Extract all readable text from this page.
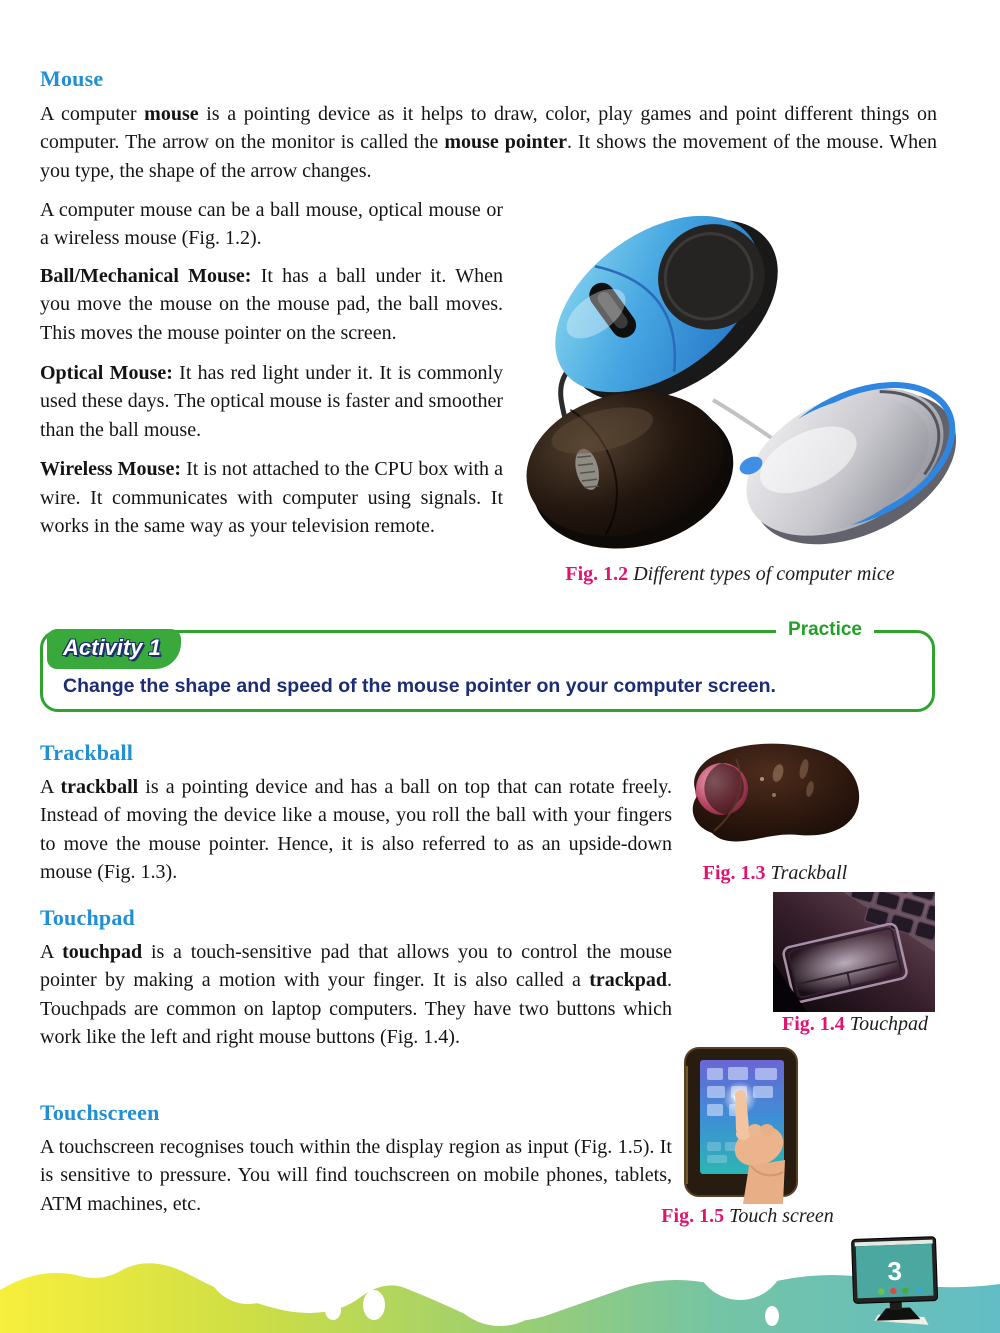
Mouse
A computer mouse is a pointing device as it helps to draw, color, play games and point different things on computer. The arrow on the monitor is called the mouse pointer. It shows the movement of the mouse. When you type, the shape of the arrow changes.
A computer mouse can be a ball mouse, optical mouse or a wireless mouse (Fig. 1.2).
Ball/Mechanical Mouse: It has a ball under it. When you move the mouse on the mouse pad, the ball moves. This moves the mouse pointer on the screen.
Optical Mouse: It has red light under it. It is commonly used these days. The optical mouse is faster and smoother than the ball mouse.
Wireless Mouse: It is not attached to the CPU box with a wire. It communicates with computer using signals. It works in the same way as your television remote.
Fig. 1.2 Different types of computer mice
Activity 1
Practice
Change the shape and speed of the mouse pointer on your computer screen.
Trackball
A trackball is a pointing device and has a ball on top that can rotate freely. Instead of moving the device like a mouse, you roll the ball with your fingers to move the mouse pointer. Hence, it is also referred to as an upside-down mouse (Fig. 1.3).	Fig. 1.3 Trackball
Touchpad
A touchpad is a touch-sensitive pad that allows you to control the mouse pointer by making a motion with your finger. It is also called a trackpad. Touchpads are common on laptop computers. They have two buttons which work like the left and right mouse buttons (Fig. 1.4).
Fig. 1.4 Touchpad
Touchscreen
A touchscreen recognises touch within the display region as input (Fig. 1.5). It is sensitive to pressure. You will find touchscreen on mobile phones, tablets, ATM machines, etc.
Fig. 1.5 Touch screen
3
